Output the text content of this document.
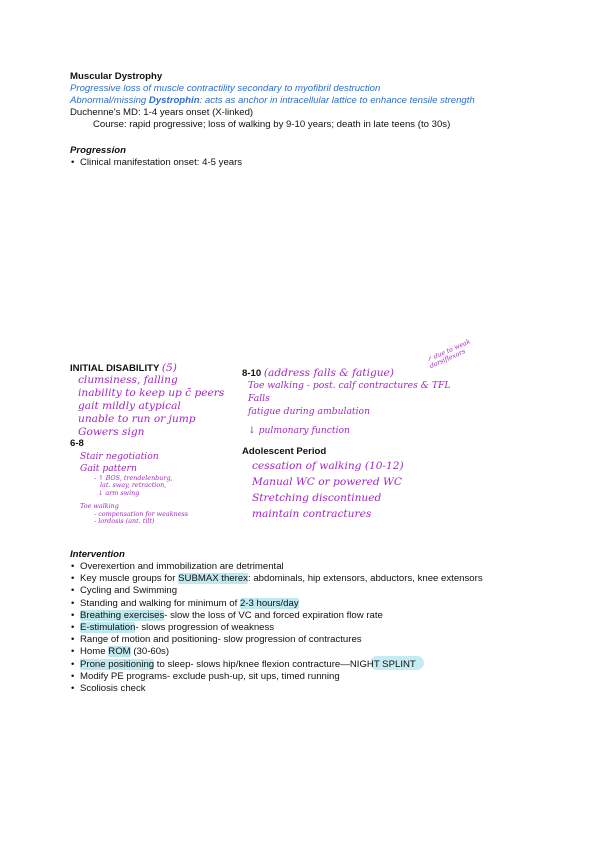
Muscular Dystrophy
Progressive loss of muscle contractility secondary to myofibril destruction
Abnormal/missing Dystrophin: acts as anchor in intracellular lattice to enhance tensile strength
Duchenne's MD: 1-4 years onset (X-linked)
Course: rapid progressive; loss of walking by 9-10 years; death in late teens (to 30s)
Progression
• Clinical manifestation onset: 4-5 years
INITIAL DISABILITY (5)
clumsiness, falling
inability to keep up c̄ peers
gait mildly atypical
unable to run or jump
Gowers sign
6-8
Stair negotiation
Gait pattern
- ↑ BOS, trendelenburg,
lat. sway, retraction,
↓ arm swing
Toe walking
- compensation for weakness
- lordosis (ant. tilt)
8-10 (address falls & fatigue)
↗ due to weak dorsiflexors
Toe walking - post. calf contractures & TFL
Falls
fatigue during ambulation
↓ pulmonary function
Adolescent Period
cessation of walking (10-12)
Manual WC or powered WC
Stretching discontinued
maintain contractures
Intervention
• Overexertion and immobilization are detrimental
• Key muscle groups for SUBMAX therex: abdominals, hip extensors, abductors, knee extensors
• Cycling and Swimming
• Standing and walking for minimum of 2-3 hours/day
• Breathing exercises- slow the loss of VC and forced expiration flow rate
• E-stimulation- slows progression of weakness
• Range of motion and positioning- slow progression of contractures
• Home ROM (30-60s)
• Prone positioning to sleep- slows hip/knee flexion contracture—NIGHT SPLINT
• Modify PE programs- exclude push-up, sit ups, timed running
• Scoliosis check
